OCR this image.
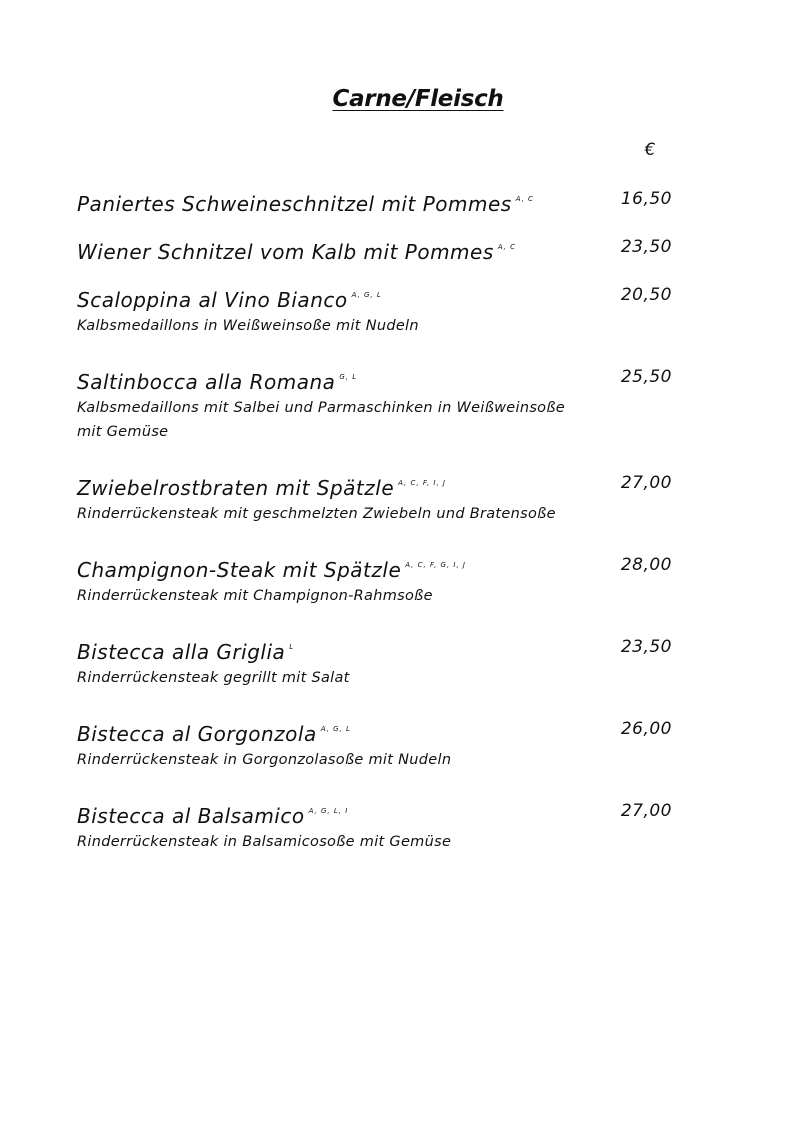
Carne/Fleisch
€
Paniertes Schweineschnitzel mit Pommes $^{A, C}$	16,50
Wiener Schnitzel vom Kalb mit Pommes $^{A, C}$	23,50
Scaloppina al Vino Bianco $^{A, G, L}$	20,50
Kalbsmedaillons in Weißweinsoße mit Nudeln
Saltinbocca alla Romana $^{G, L}$	25,50
Kalbsmedaillons mit Salbei und Parmaschinken in Weißweinsoße mit Gemüse
Zwiebelrostbraten mit Spätzle $^{A, C, F, I, J}$	27,00
Rinderrückensteak mit geschmelzten Zwiebeln und Bratensoße
Champignon-Steak mit Spätzle $^{A, C, F, G, I, J}$	28,00
Rinderrückensteak mit Champignon-Rahmsoße
Bistecca alla Griglia $^L$	23,50
Rinderrückensteak gegrillt mit Salat
Bistecca al Gorgonzola $^{A, G, L}$	26,00
Rinderrückensteak in Gorgonzolasoße mit Nudeln
Bistecca al Balsamico $^{A, G, L, I}$	27,00
Rinderrückensteak in Balsamicosoße mit Gemüse
